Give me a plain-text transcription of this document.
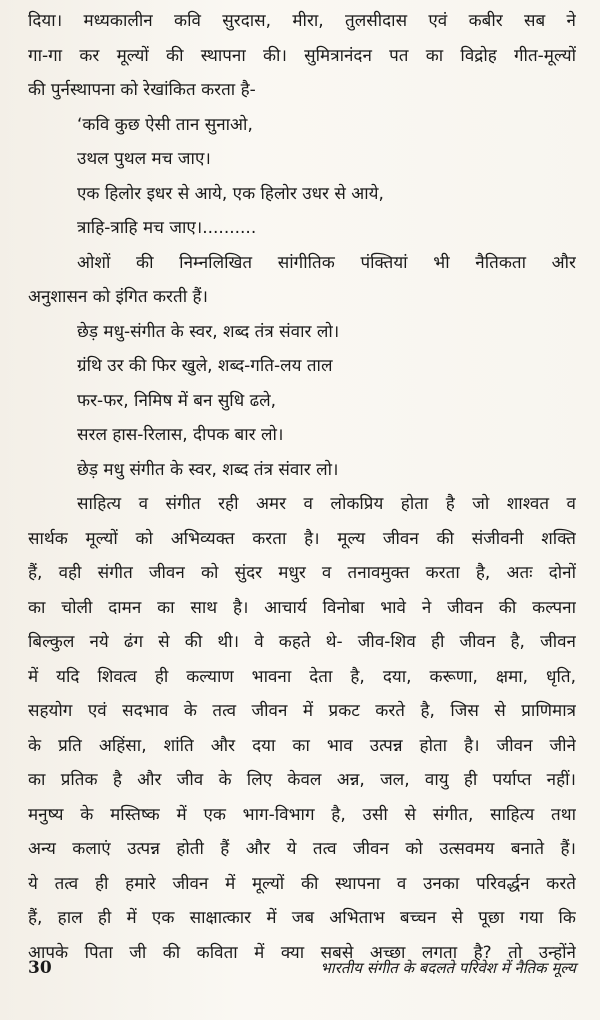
दिया। मध्यकालीन कवि सुरदास, मीरा, तुलसीदास एवं कबीर सब ने
गा-गा कर मूल्यों की स्थापना की। सुमित्रानंदन पत का विद्रोह गीत-मूल्यों
की पुर्नस्थापना को रेखांकित करता है-
‘कवि कुछ ऐसी तान सुनाओ,
उथल पुथल मच जाए।
एक हिलोर इधर से आये, एक हिलोर उधर से आये,
त्राहि-त्राहि मच जाए।..........
ओशों की निम्नलिखित सांगीतिक पंक्तियां भी नैतिकता और
अनुशासन को इंगित करती हैं।
छेड़ मधु-संगीत के स्वर, शब्द तंत्र संवार लो।
ग्रंथि उर की फिर खुले, शब्द-गति-लय ताल
फर-फर, निमिष में बन सुधि ढले,
सरल हास-रिलास, दीपक बार लो।
छेड़ मधु संगीत के स्वर, शब्द तंत्र संवार लो।
साहित्य व संगीत रही अमर व लोकप्रिय होता है जो शाश्वत व
सार्थक मूल्यों को अभिव्यक्त करता है। मूल्य जीवन की संजीवनी शक्ति
हैं, वही संगीत जीवन को सुंदर मधुर व तनावमुक्त करता है, अतः दोनों
का चोली दामन का साथ है। आचार्य विनोबा भावे ने जीवन की कल्पना
बिल्कुल नये ढंग से की थी। वे कहते थे- जीव-शिव ही जीवन है, जीवन
में यदि शिवत्व ही कल्याण भावना देता है, दया, करूणा, क्षमा, धृति,
सहयोग एवं सदभाव के तत्व जीवन में प्रकट करते है, जिस से प्राणिमात्र
के प्रति अहिंसा, शांति और दया का भाव उत्पन्न होता है। जीवन जीने
का प्रतिक है और जीव के लिए केवल अन्न, जल, वायु ही पर्याप्त नहीं।
मनुष्य के मस्तिष्क में एक भाग-विभाग है, उसी से संगीत, साहित्य तथा
अन्य कलाएं उत्पन्न होती हैं और ये तत्व जीवन को उत्सवमय बनाते हैं।
ये तत्व ही हमारे जीवन में मूल्यों की स्थापना व उनका परिवर्द्धन करते
हैं, हाल ही में एक साक्षात्कार में जब अभिताभ बच्चन से पूछा गया कि
आपके पिता जी की कविता में क्या सबसे अच्छा लगता है? तो उन्होंने
30	भारतीय संगीत के बदलते परिवेश में नैतिक मूल्य
